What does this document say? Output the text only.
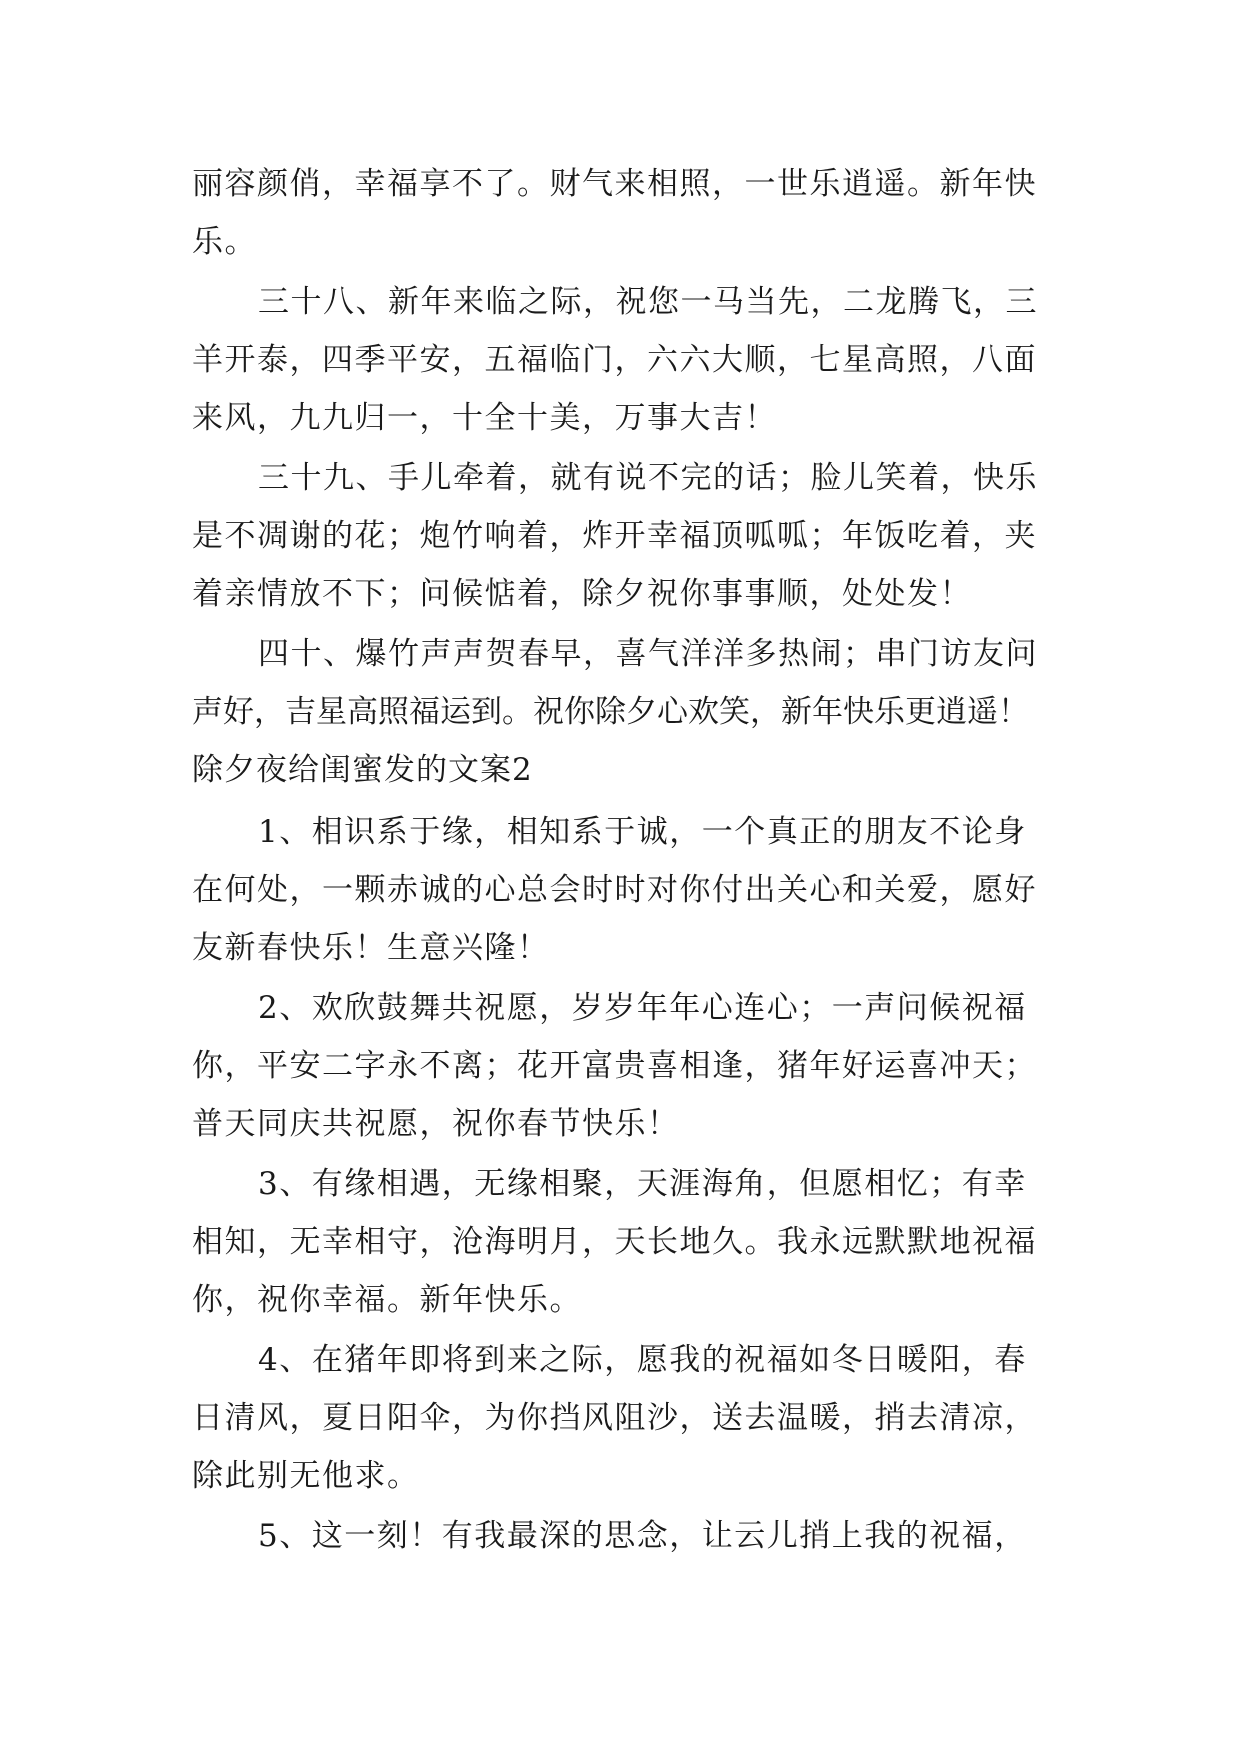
丽容颜俏，幸福享不了。财气来相照，一世乐逍遥。新年快
乐。
三十八、新年来临之际，祝您一马当先，二龙腾飞，三
羊开泰，四季平安，五福临门，六六大顺，七星高照，八面
来风，九九归一，十全十美，万事大吉！
三十九、手儿牵着，就有说不完的话；脸儿笑着，快乐
是不凋谢的花；炮竹响着，炸开幸福顶呱呱；年饭吃着，夹
着亲情放不下；问候惦着，除夕祝你事事顺，处处发！
四十、爆竹声声贺春早，喜气洋洋多热闹；串门访友问
声好，吉星高照福运到。祝你除夕心欢笑，新年快乐更逍遥！
除夕夜给闺蜜发的文案2
1、相识系于缘，相知系于诚，一个真正的朋友不论身
在何处，一颗赤诚的心总会时时对你付出关心和关爱，愿好
友新春快乐！生意兴隆！
2、欢欣鼓舞共祝愿，岁岁年年心连心；一声问候祝福
你，平安二字永不离；花开富贵喜相逢，猪年好运喜冲天；
普天同庆共祝愿，祝你春节快乐！
3、有缘相遇，无缘相聚，天涯海角，但愿相忆；有幸
相知，无幸相守，沧海明月，天长地久。我永远默默地祝福
你，祝你幸福。新年快乐。
4、在猪年即将到来之际，愿我的祝福如冬日暖阳，春
日清风，夏日阳伞，为你挡风阻沙，送去温暖，捎去清凉，
除此别无他求。
5、这一刻！有我最深的思念，让云儿捎上我的祝福，
